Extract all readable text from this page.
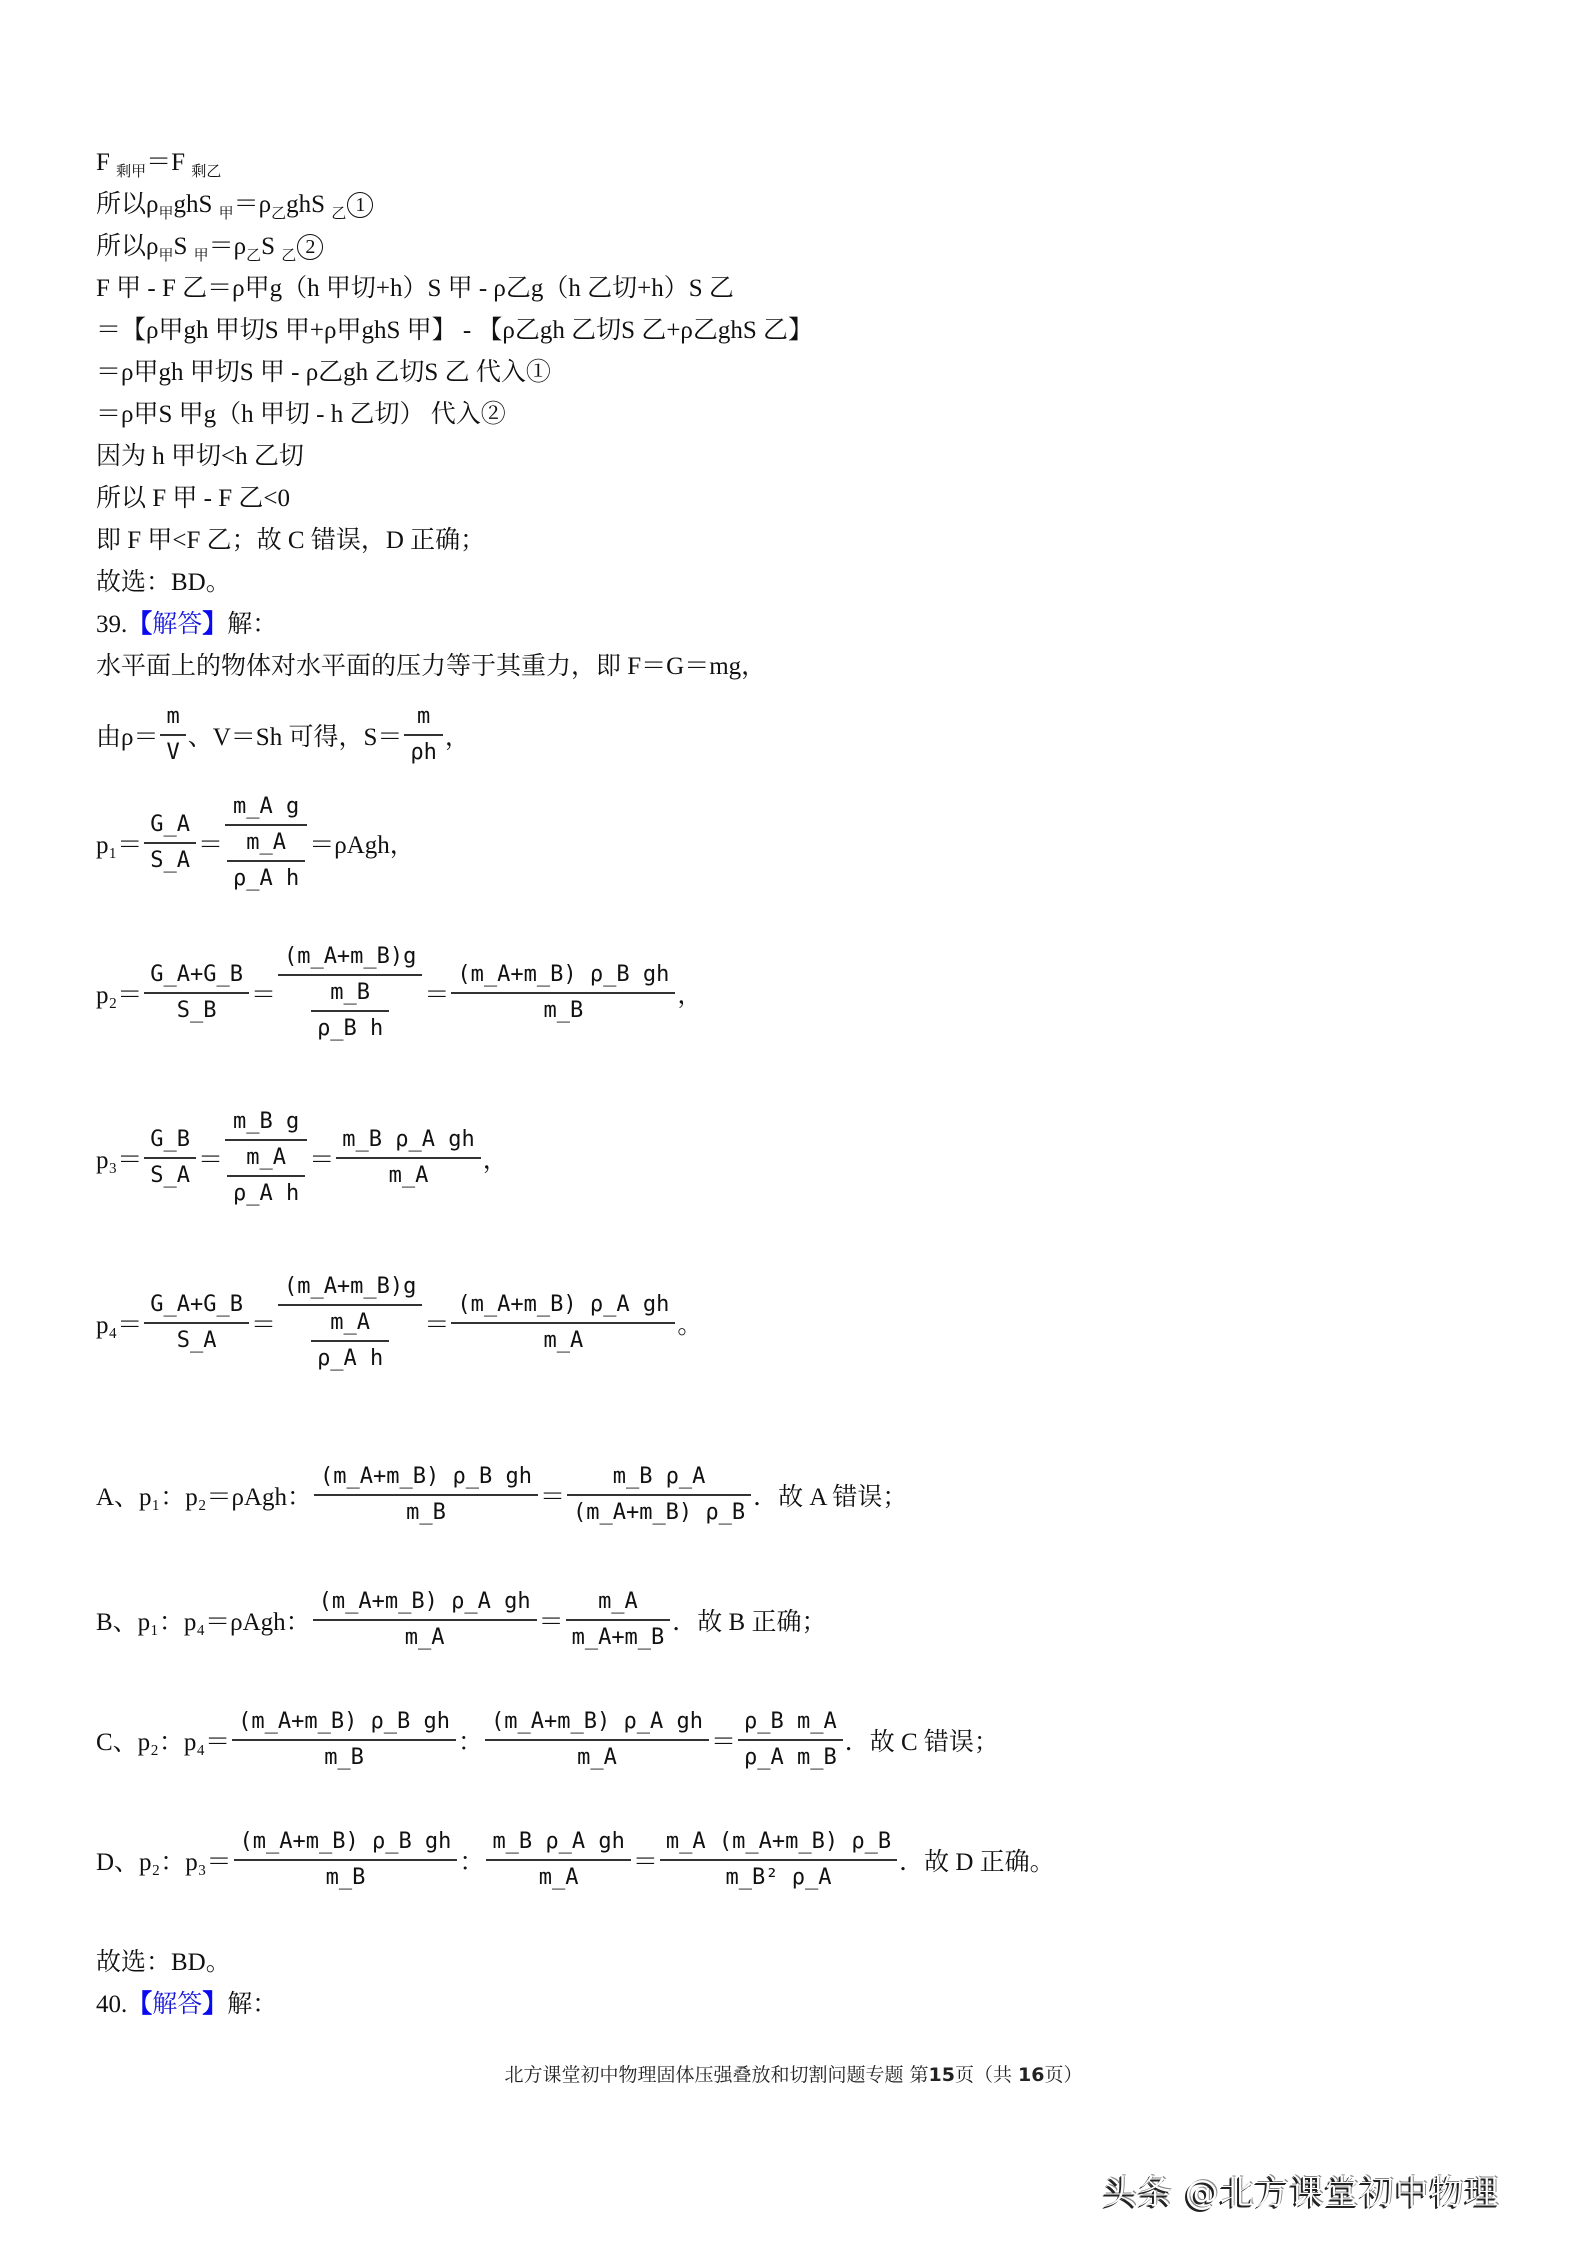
F $_{剩甲}$＝F $_{剩乙}$
所以$\rho_甲ghS$ $_甲=\rho_乙ghS$ $_乙$ 1
所以$\rho_甲S$ $_甲=\rho_乙S$ $_乙$ 2
F 甲 - F 乙＝ρ甲g（h 甲切+h）S 甲 - ρ乙g（h 乙切+h）S 乙
＝【ρ甲gh 甲切S 甲+ρ甲ghS 甲】 - 【ρ乙gh 乙切S 乙+ρ乙ghS 乙】
＝ρ甲gh 甲切S 甲 - ρ乙gh 乙切S 乙 代入①
＝ρ甲S 甲g（h 甲切 - h 乙切） 代入②
因为 h 甲切<h 乙切
所以 F 甲 - F 乙<0
即 F 甲<F 乙；故 C 错误，D 正确；
故选：BD。
39.【解答】解：
水平面上的物体对水平面的压力等于其重力，即 F＝G＝mg，
由$\rho= \frac{m}{V}$ 、V＝Sh 可得，$S= \frac{m}{\rho h}$ ，
$p_1= \frac{G\_A}{S\_A} = \frac{\text{m\_A g}}{\frac{m\_A}{\text{ρ\_A h}}} =\rho Agh$，
$p_2= \frac{G\_A+G\_B}{S\_B} = \frac{(m\_A+m\_B)g}{\frac{m\_B}{\text{ρ\_B h}}} = \frac{\text{(m\_A+m\_B) ρ\_B gh}}{m\_B}$ ，
$p_3= \frac{G\_B}{S\_A} = \frac{\text{m\_B g}}{\frac{m\_A}{\text{ρ\_A h}}} = \frac{\text{m\_B ρ\_A gh}}{m\_A}$ ，
$p_4= \frac{G\_A+G\_B}{S\_A} = \frac{(m\_A+m\_B)g}{\frac{m\_A}{\text{ρ\_A h}}} = \frac{\text{(m\_A+m\_B) ρ\_A gh}}{m\_A}$ 。
A、p₁：p₂＝ρAgh： $\frac{\text{(m\_A+m\_B) ρ\_B gh}}{m\_B} = \frac{\text{m\_B ρ\_A}}{(m\_A+m\_B) \rho\_B}$ ．故 A 错误；
B、p₁：p₄＝ρAgh： $\frac{\text{(m\_A+m\_B) ρ\_A gh}}{m\_A} = \frac{m\_A}{m\_A+m\_B}$ ．故 B 正确；
C、p₂：$p_4= \frac{\text{(m\_A+m\_B) ρ\_B gh}}{m\_B}$ ： $\frac{\text{(m\_A+m\_B) ρ\_A gh}}{m\_A} = \frac{\text{ρ\_B m\_A}}{\text{ρ\_A m\_B}}$ ．故 C 错误；
D、p₂：$p_3= \frac{\text{(m\_A+m\_B) ρ\_B gh}}{m\_B}$ ： $\frac{\text{m\_B ρ\_A gh}}{m\_A} = \frac{m\_A (m\_A+m\_B) \rho\_B}{\text{m\_B² ρ\_A}}$ ．故 D 正确。
故选：BD。
40.【解答】解：
北方课堂初中物理固体压强叠放和切割问题专题 第15页（共 16页）
头条 @北方课堂初中物理
